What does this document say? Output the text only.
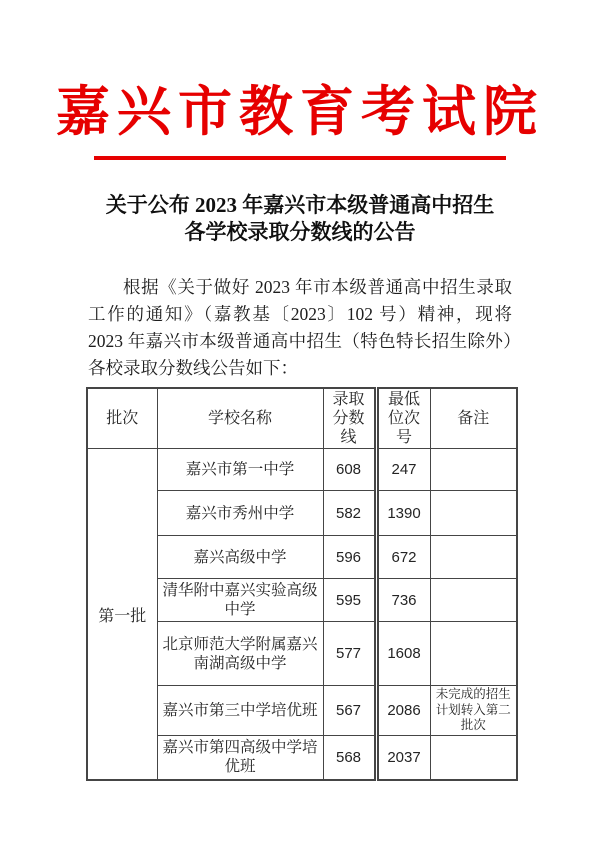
嘉兴市教育考试院
关于公布 2023 年嘉兴市本级普通高中招生
各学校录取分数线的公告

根据《关于做好 2023 年市本级普通高中招生录取工作的通知》（嘉教基〔2023〕102 号）精神，现将 2023 年嘉兴市本级普通高中招生（特色特长招生除外）各校录取分数线公告如下：

批次	学校名称	录取分数线	最低位次号	备注
第一批	嘉兴市第一中学	608	247	
	嘉兴市秀州中学	582	1390	
	嘉兴高级中学	596	672	
	清华附中嘉兴实验高级中学	595	736	
	北京师范大学附属嘉兴南湖高级中学	577	1608	
	嘉兴市第三中学培优班	567	2086	未完成的招生计划转入第二批次
	嘉兴市第四高级中学培优班	568	2037	
